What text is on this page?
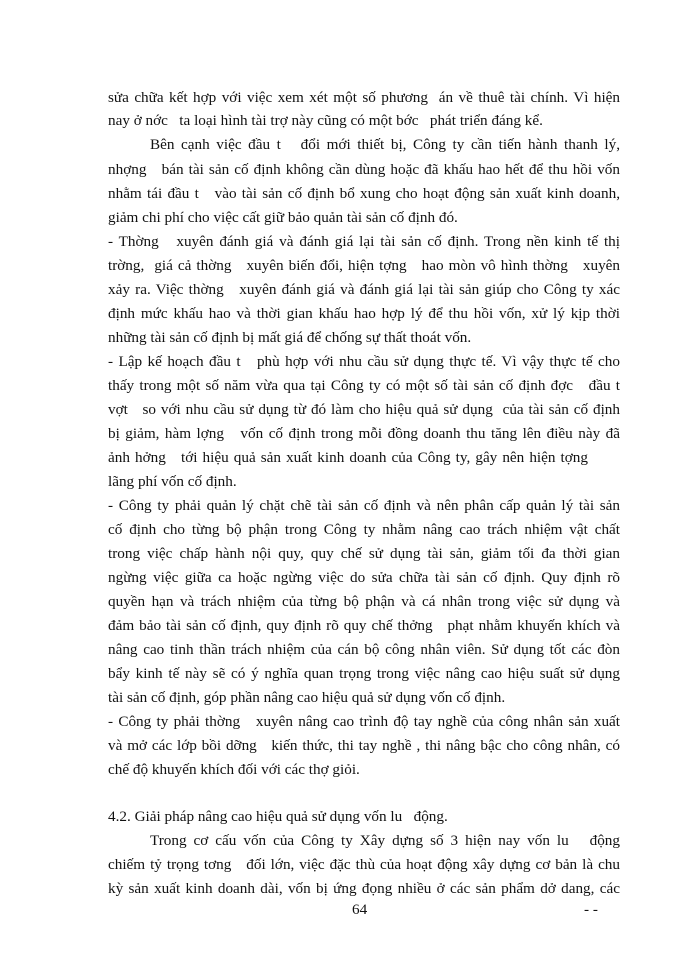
sửa chữa kết hợp với việc xem xét một số phương  án về thuê tài chính. Vì hiện
nay ở nớc   ta loại hình tài trợ này cũng có một bớc   phát triển đáng kể.
Bên cạnh việc đầu t   đổi mới thiết bị, Công ty cần tiến hành thanh lý,
nhợng   bán tài sản cố định không cần dùng hoặc đã khấu hao hết để thu hồi vốn
nhằm tái đầu t   vào tài sản cố định bổ xung cho hoạt động sản xuất kinh doanh,
giảm chi phí cho việc cất giữ bảo quản tài sản cố định đó.
- Thờng   xuyên đánh giá và đánh giá lại tài sản cố định. Trong nền kinh tế thị
trờng,  giá cả thờng   xuyên biến đổi, hiện tợng   hao mòn vô hình thờng   xuyên
xảy ra. Việc thờng   xuyên đánh giá và đánh giá lại tài sản giúp cho Công ty xác
định mức khấu hao và thời gian khấu hao hợp lý để thu hồi vốn, xử lý kịp thời
những tài sản cố định bị mất giá để chống sự thất thoát vốn.
- Lập kế hoạch đầu t   phù hợp với nhu cầu sử dụng thực tế. Vì vậy thực tế cho
thấy trong một số năm vừa qua tại Công ty có một số tài sản cố định đợc   đầu t
vợt   so với nhu cầu sử dụng từ đó làm cho hiệu quả sử dụng  của tài sản cố định
bị giảm, hàm lợng   vốn cố định trong mỗi đồng doanh thu tăng lên điều này đã
ảnh hởng   tới hiệu quả sản xuất kinh doanh của Công ty, gây nên hiện tợng
lãng phí vốn cố định.
- Công ty phải quản lý chặt chẽ tài sản cố định và nên phân cấp quản lý tài sản
cố định cho từng bộ phận trong Công ty nhằm nâng cao trách nhiệm vật chất
trong việc chấp hành nội quy, quy chế sử dụng tài sản, giảm tối đa thời gian
ngừng việc giữa ca hoặc ngừng việc do sửa chữa tài sản cố định. Quy định rõ
quyền hạn và trách nhiệm của từng bộ phận và cá nhân trong việc sử dụng và
đảm bảo tài sản cố định, quy định rõ quy chế thởng   phạt nhằm khuyến khích và
nâng cao tinh thần trách nhiệm của cán bộ công nhân viên. Sử dụng tốt các đòn
bẩy kinh tế này sẽ có ý nghĩa quan trọng trong việc nâng cao hiệu suất sử dụng
tài sản cố định, góp phần nâng cao hiệu quả sử dụng vốn cố định.
- Công ty phải thờng   xuyên nâng cao trình độ tay nghề của công nhân sản xuất
và mở các lớp bồi dỡng   kiến thức, thi tay nghề , thi nâng bậc cho công nhân, có
chế độ khuyến khích đối với các thợ giỏi.
4.2. Giải pháp nâng cao hiệu quả sử dụng vốn lu   động.
Trong cơ cấu vốn của Công ty Xây dựng số 3 hiện nay vốn lu   động
chiếm tỷ trọng tơng   đối lớn, việc đặc thù của hoạt động xây dựng cơ bản là chu
kỳ sản xuất kinh doanh dài, vốn bị ứng đọng nhiều ở các sản phẩm dở dang, các
64	- -
